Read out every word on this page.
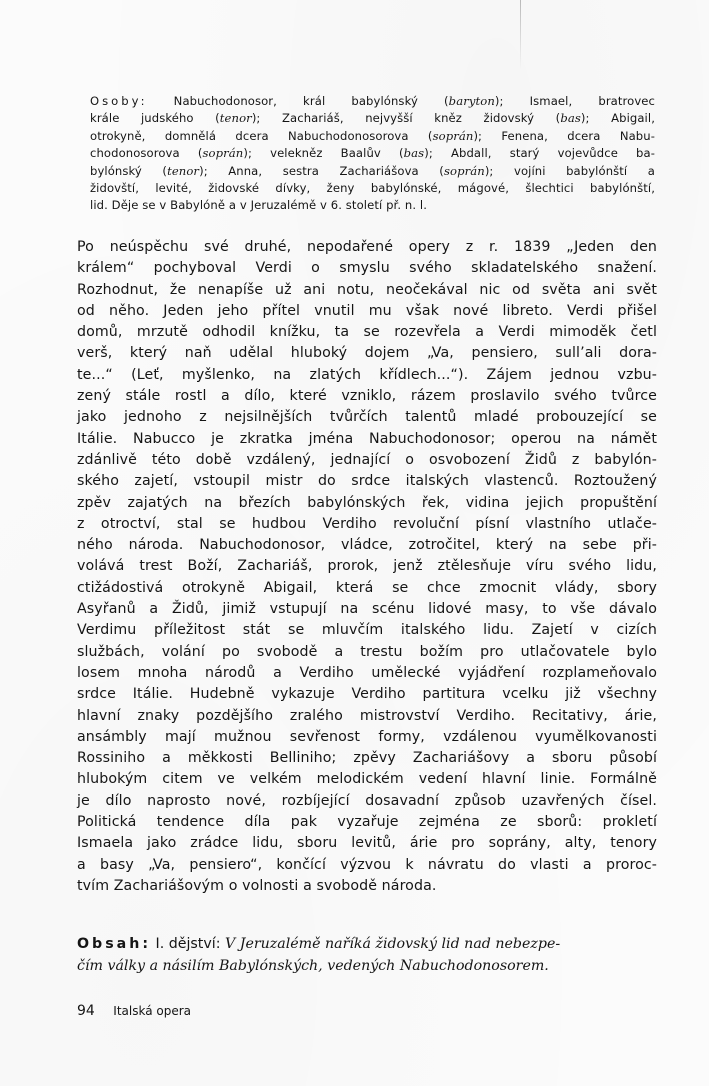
Osoby: Nabuchodonosor, král babylónský (baryton); Ismael, bratrovec
krále judského (tenor); Zachariáš, nejvyšší kněz židovský (bas); Abigail,
otrokyně, domnělá dcera Nabuchodonosorova (soprán); Fenena, dcera Nabu-
chodonosorova (soprán); velekněz Baalův (bas); Abdall, starý vojevůdce ba-
bylónský (tenor); Anna, sestra Zachariášova (soprán); vojíni babylónští a
židovští, levité, židovské dívky, ženy babylónské, mágové, šlechtici babylónští,
lid. Děje se v Babylóně a v Jeruzalémě v 6. století př. n. l.
Po neúspěchu své druhé, nepodařené opery z r. 1839 „Jeden den
králem“ pochyboval Verdi o smyslu svého skladatelského snažení.
Rozhodnut, že nenapíše už ani notu, neočekával nic od světa ani svět
od něho. Jeden jeho přítel vnutil mu však nové libreto. Verdi přišel
domů, mrzutě odhodil knížku, ta se rozevřela a Verdi mimoděk četl
verš, který naň udělal hluboký dojem „Va, pensiero, sull’ali dora-
te...“ (Leť, myšlenko, na zlatých křídlech...“). Zájem jednou vzbu-
zený stále rostl a dílo, které vzniklo, rázem proslavilo svého tvůrce
jako jednoho z nejsilnějších tvůrčích talentů mladé probouzející se
Itálie. Nabucco je zkratka jména Nabuchodonosor; operou na námět
zdánlivě této době vzdálený, jednající o osvobození Židů z babylón-
ského zajetí, vstoupil mistr do srdce italských vlastenců. Roztoužený
zpěv zajatých na březích babylónských řek, vidina jejich propuštění
z otroctví, stal se hudbou Verdiho revoluční písní vlastního utlače-
ného národa. Nabuchodonosor, vládce, zotročitel, který na sebe při-
volává trest Boží, Zachariáš, prorok, jenž ztělesňuje víru svého lidu,
ctižádostivá otrokyně Abigail, která se chce zmocnit vlády, sbory
Asyřanů a Židů, jimiž vstupují na scénu lidové masy, to vše dávalo
Verdimu příležitost stát se mluvčím italského lidu. Zajetí v cizích
službách, volání po svobodě a trestu božím pro utlačovatele bylo
losem mnoha národů a Verdiho umělecké vyjádření rozplameňovalo
srdce Itálie. Hudebně vykazuje Verdiho partitura vcelku již všechny
hlavní znaky pozdějšího zralého mistrovství Verdiho. Recitativy, árie,
ansámbly mají mužnou sevřenost formy, vzdálenou vyumělkovanosti
Rossiniho a měkkosti Belliniho; zpěvy Zachariášovy a sboru působí
hlubokým citem ve velkém melodickém vedení hlavní linie. Formálně
je dílo naprosto nové, rozbíjející dosavadní způsob uzavřených čísel.
Politická tendence díla pak vyzařuje zejména ze sborů: prokletí
Ismaela jako zrádce lidu, sboru levitů, árie pro soprány, alty, tenory
a basy „Va, pensiero“, končící výzvou k návratu do vlasti a proroc-
tvím Zachariášovým o volnosti a svobodě národa.
Obsah: I. dějství: V Jeruzalémě naříká židovský lid nad nebezpe-
čím války a násilím Babylónských, vedených Nabuchodonosorem.
94 Italská opera
